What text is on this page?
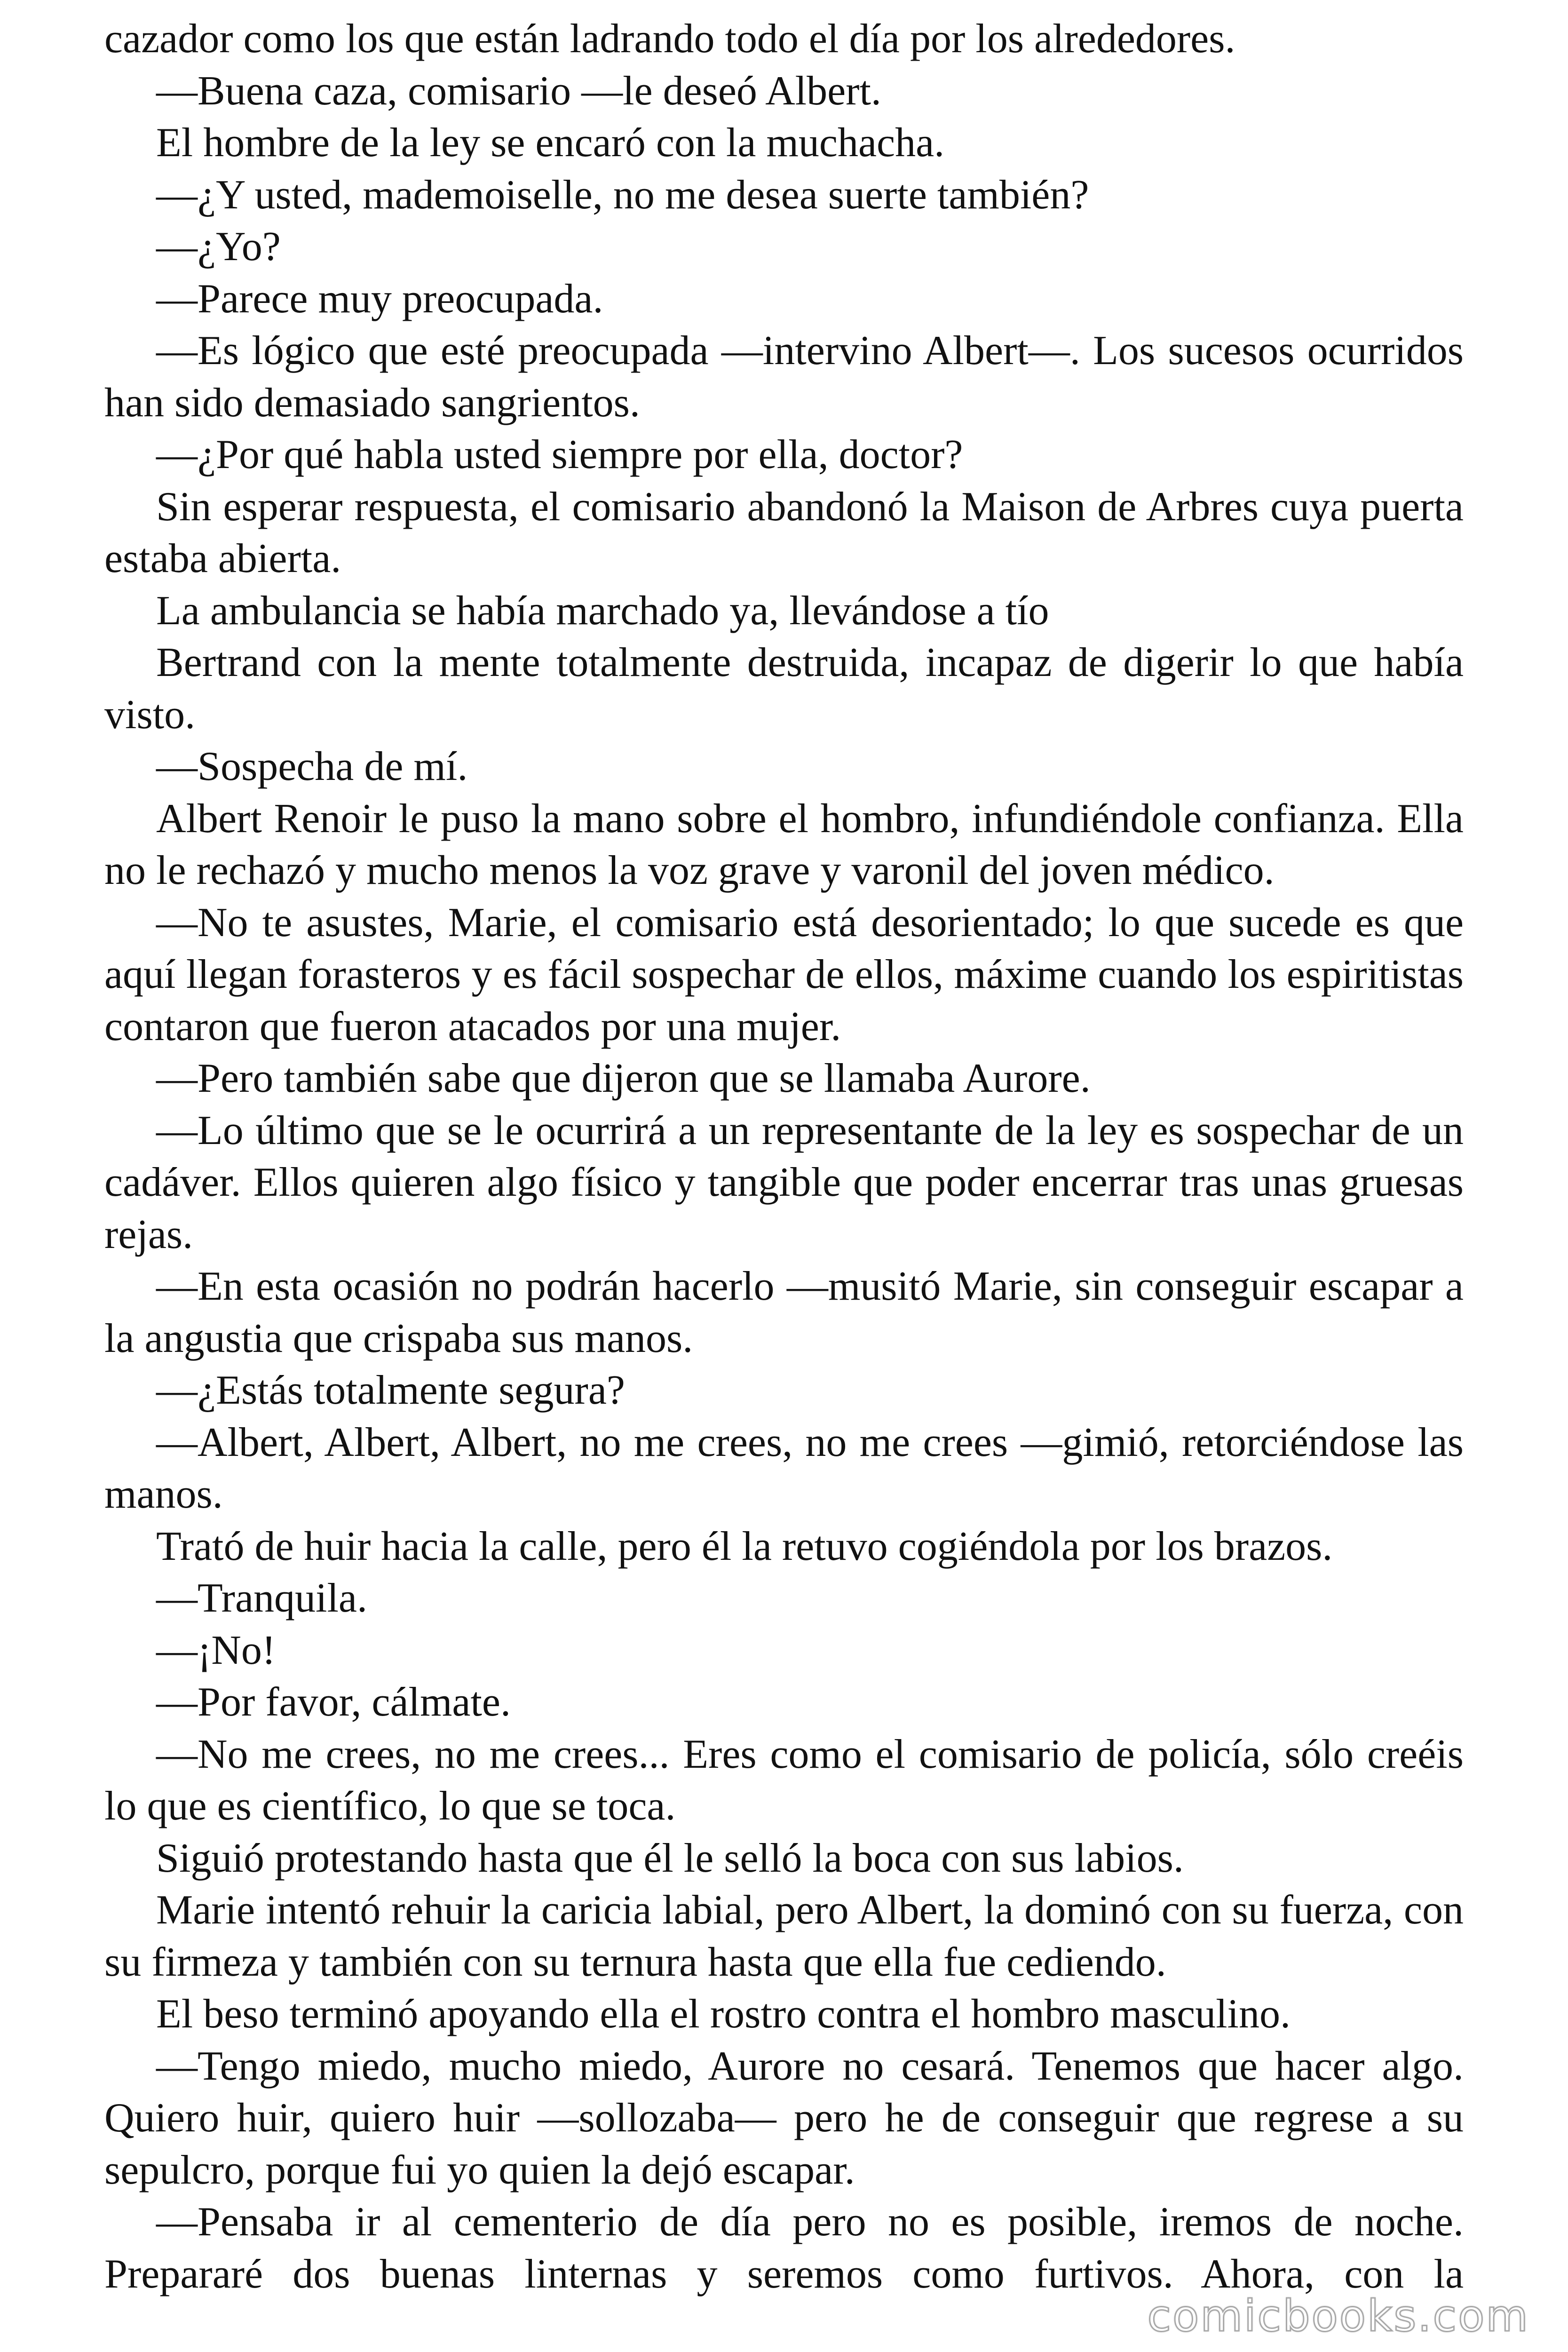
cazador como los que están ladrando todo el día por los alrededores.

—Buena caza, comisario —le deseó Albert.

El hombre de la ley se encaró con la muchacha.

—¿Y usted, mademoiselle, no me desea suerte también?

—¿Yo?

—Parece muy preocupada.

—Es lógico que esté preocupada —intervino Albert—. Los sucesos ocurridos han sido demasiado sangrientos.

—¿Por qué habla usted siempre por ella, doctor?

Sin esperar respuesta, el comisario abandonó la Maison de Arbres cuya puerta estaba abierta.

La ambulancia se había marchado ya, llevándose a tío

Bertrand con la mente totalmente destruida, incapaz de digerir lo que había visto.

—Sospecha de mí.

Albert Renoir le puso la mano sobre el hombro, infundiéndole confianza. Ella no le rechazó y mucho menos la voz grave y varonil del joven médico.

—No te asustes, Marie, el comisario está desorientado; lo que sucede es que aquí llegan forasteros y es fácil sospechar de ellos, máxime cuando los espiritistas contaron que fueron atacados por una mujer.

—Pero también sabe que dijeron que se llamaba Aurore.

—Lo último que se le ocurrirá a un representante de la ley es sospechar de un cadáver. Ellos quieren algo físico y tangible que poder encerrar tras unas gruesas rejas.

—En esta ocasión no podrán hacerlo —musitó Marie, sin conseguir escapar a la angustia que crispaba sus manos.

—¿Estás totalmente segura?

—Albert, Albert, Albert, no me crees, no me crees —gimió, retorciéndose las manos.

Trató de huir hacia la calle, pero él la retuvo cogiéndola por los brazos.

—Tranquila.

—¡No!

—Por favor, cálmate.

—No me crees, no me crees... Eres como el comisario de policía, sólo creéis lo que es científico, lo que se toca.

Siguió protestando hasta que él le selló la boca con sus labios.

Marie intentó rehuir la caricia labial, pero Albert, la dominó con su fuerza, con su firmeza y también con su ternura hasta que ella fue cediendo.

El beso terminó apoyando ella el rostro contra el hombro masculino.

—Tengo miedo, mucho miedo, Aurore no cesará. Tenemos que hacer algo. Quiero huir, quiero huir —sollozaba— pero he de conseguir que regrese a su sepulcro, porque fui yo quien la dejó escapar.

—Pensaba ir al cementerio de día pero no es posible, iremos de noche. Prepararé dos buenas linternas y seremos como furtivos. Ahora, con la

comicbooks.com
